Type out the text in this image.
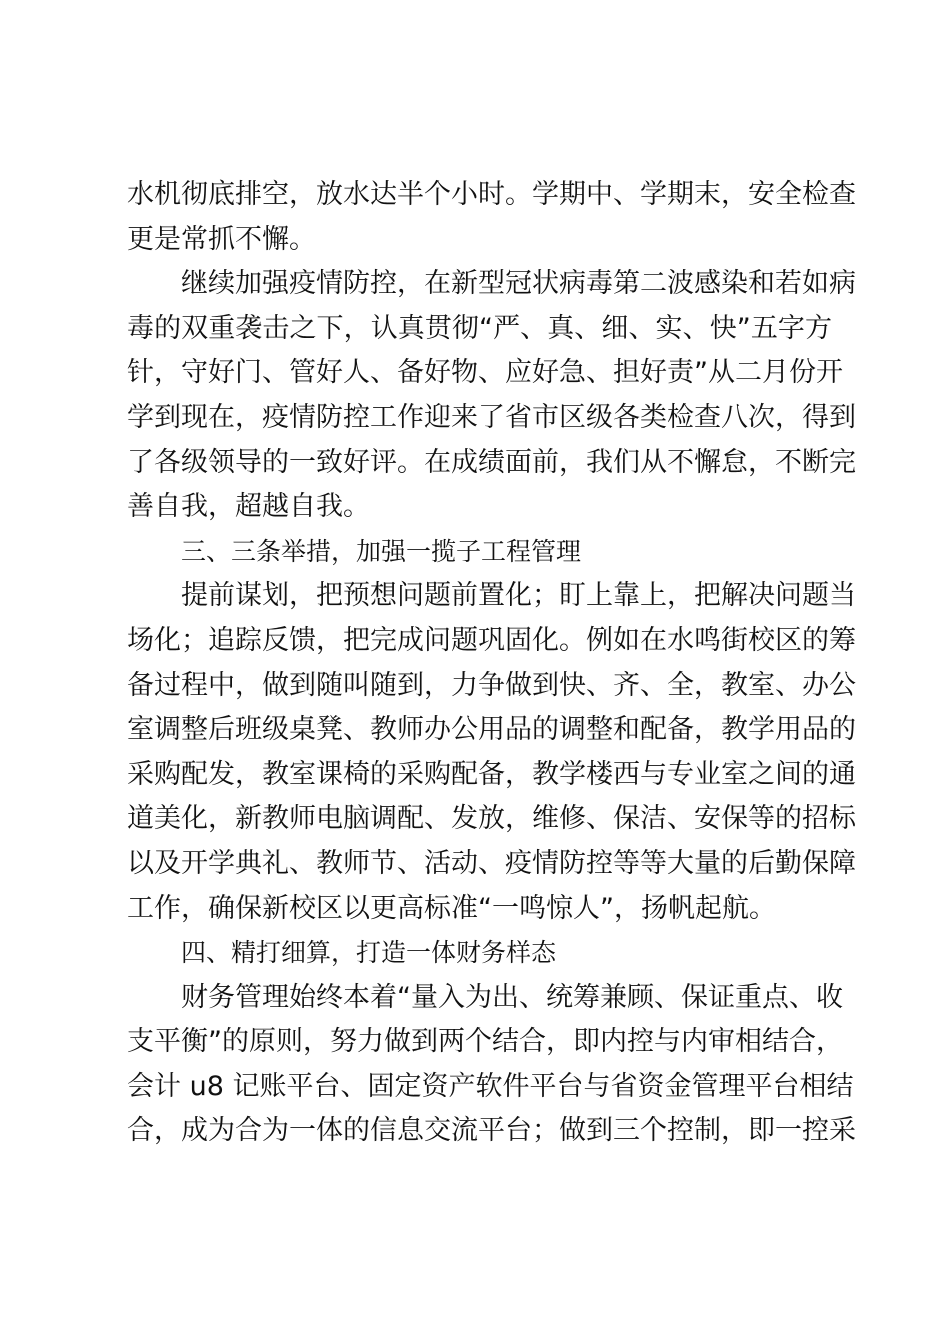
水机彻底排空，放水达半个小时。学期中、学期末，安全检查
更是常抓不懈。
继续加强疫情防控，在新型冠状病毒第二波感染和若如病
毒的双重袭击之下，认真贯彻“严、真、细、实、快”五字方
针，守好门、管好人、备好物、应好急、担好责”从二月份开
学到现在，疫情防控工作迎来了省市区级各类检查八次，得到
了各级领导的一致好评。在成绩面前，我们从不懈怠，不断完
善自我，超越自我。
三、三条举措，加强一揽子工程管理
提前谋划，把预想问题前置化；盯上靠上，把解决问题当
场化；追踪反馈，把完成问题巩固化。例如在水鸣街校区的筹
备过程中，做到随叫随到，力争做到快、齐、全，教室、办公
室调整后班级桌凳、教师办公用品的调整和配备，教学用品的
采购配发，教室课椅的采购配备，教学楼西与专业室之间的通
道美化，新教师电脑调配、发放，维修、保洁、安保等的招标
以及开学典礼、教师节、活动、疫情防控等等大量的后勤保障
工作，确保新校区以更高标准“一鸣惊人”，扬帆起航。
四、精打细算，打造一体财务样态
财务管理始终本着“量入为出、统筹兼顾、保证重点、收
支平衡”的原则，努力做到两个结合，即内控与内审相结合，
会计 u8 记账平台、固定资产软件平台与省资金管理平台相结
合，成为合为一体的信息交流平台；做到三个控制，即一控采
